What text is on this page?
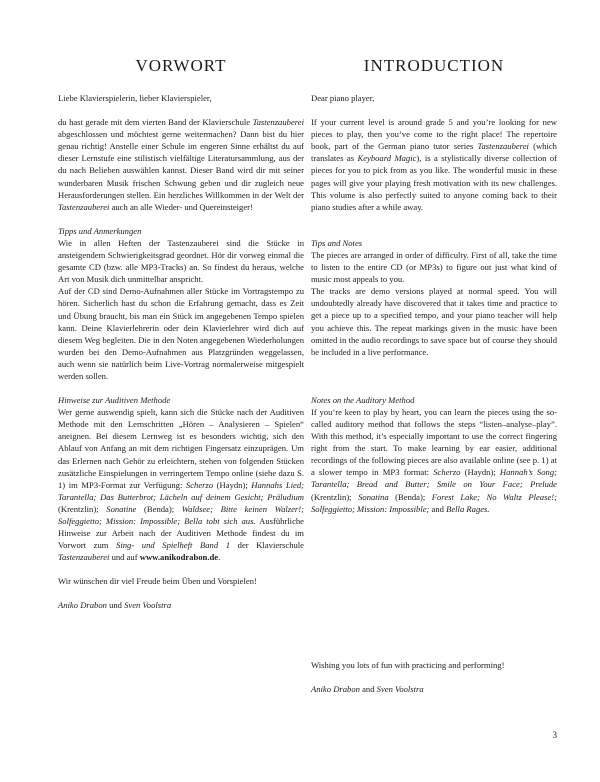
VORWORT

Liebe Klavierspielerin, lieber Klavierspieler,

du hast gerade mit dem vierten Band der Klavierschule Tastenzauberei abgeschlossen und möchtest gerne weitermachen? Dann bist du hier genau richtig! Anstelle einer Schule im engeren Sinne erhältst du auf dieser Lernstufe eine stilistisch vielfältige Literatursammlung, aus der du nach Belieben auswählen kannst. Dieser Band wird dir mit seiner wunderbaren Musik frischen Schwung geben und dir zugleich neue Herausforderungen stellen. Ein herzliches Willkommen in der Welt der Tastenzauberei auch an alle Wieder- und Quereinsteiger!

Tipps und Anmerkungen

Wie in allen Heften der Tastenzauberei sind die Stücke in ansteigendem Schwierigkeitsgrad geordnet. Hör dir vorweg einmal die gesamte CD (bzw. alle MP3-Tracks) an. So findest du heraus, welche Art von Musik dich unmittelbar anspricht.

Auf der CD sind Demo-Aufnahmen aller Stücke im Vortragstempo zu hören. Sicherlich hast du schon die Erfahrung gemacht, dass es Zeit und Übung braucht, bis man ein Stück im angegebenen Tempo spielen kann. Deine Klavierlehrerin oder dein Klavierlehrer wird dich auf diesem Weg begleiten. Die in den Noten angegebenen Wiederholungen wurden bei den Demo-Aufnahmen aus Platzgründen weggelassen, auch wenn sie natürlich beim Live-Vortrag normalerweise mitgespielt werden sollen.

Hinweise zur Auditiven Methode

Wer gerne auswendig spielt, kann sich die Stücke nach der Auditiven Methode mit den Lernschritten „Hören – Analysieren – Spielen“ aneignen. Bei diesem Lernweg ist es besonders wichtig, sich den Ablauf von Anfang an mit dem richtigen Fingersatz einzuprägen. Um das Erlernen nach Gehör zu erleichtern, stehen von folgenden Stücken zusätzliche Einspielungen in verringertem Tempo online (siehe dazu S. 1) im MP3-Format zur Verfügung: Scherzo (Haydn); Hannahs Lied; Tarantella; Das Butterbrot; Lächeln auf deinem Gesicht; Präludium (Krentzlin); Sonatine (Benda); Waldsee; Bitte keinen Walzer!; Solfeggietto; Mission: Impossible; Bella tobt sich aus. Ausführliche Hinweise zur Arbeit nach der Auditiven Methode findest du im Vorwort zum Sing- und Spielheft Band 1 der Klavierschule Tastenzauberei und auf www.anikodrabon.de.

Wir wünschen dir viel Freude beim Üben und Vorspielen!

Aniko Drabon und Sven Voolstra

INTRODUCTION

Dear piano player,

If your current level is around grade 5 and you’re looking for new pieces to play, then you’ve come to the right place! The repertoire book, part of the German piano tutor series Tastenzauberei (which translates as Keyboard Magic), is a stylistically diverse collection of pieces for you to pick from as you like. The wonderful music in these pages will give your playing fresh motivation with its new challenges. This volume is also perfectly suited to anyone coming back to their piano studies after a while away.

Tips and Notes

The pieces are arranged in order of difficulty. First of all, take the time to listen to the entire CD (or MP3s) to figure out just what kind of music most appeals to you.

The tracks are demo versions played at normal speed. You will undoubtedly already have discovered that it takes time and practice to get a piece up to a specified tempo, and your piano teacher will help you achieve this. The repeat markings given in the music have been omitted in the audio recordings to save space but of course they should be included in a live performance.

Notes on the Auditory Method

If you’re keen to play by heart, you can learn the pieces using the so-called auditory method that follows the steps “listen–analyse–play”. With this method, it’s especially important to use the correct fingering right from the start. To make learning by ear easier, additional recordings of the following pieces are also available online (see p. 1) at a slower tempo in MP3 format: Scherzo (Haydn); Hannah’s Song; Tarantella; Bread and Butter; Smile on Your Face; Prelude (Krentzlin); Sonatina (Benda); Forest Lake; No Waltz Please!; Solfeggietto; Mission: Impossible; and Bella Rages.

Wishing you lots of fun with practicing and performing!

Aniko Drabon and Sven Voolstra

3
